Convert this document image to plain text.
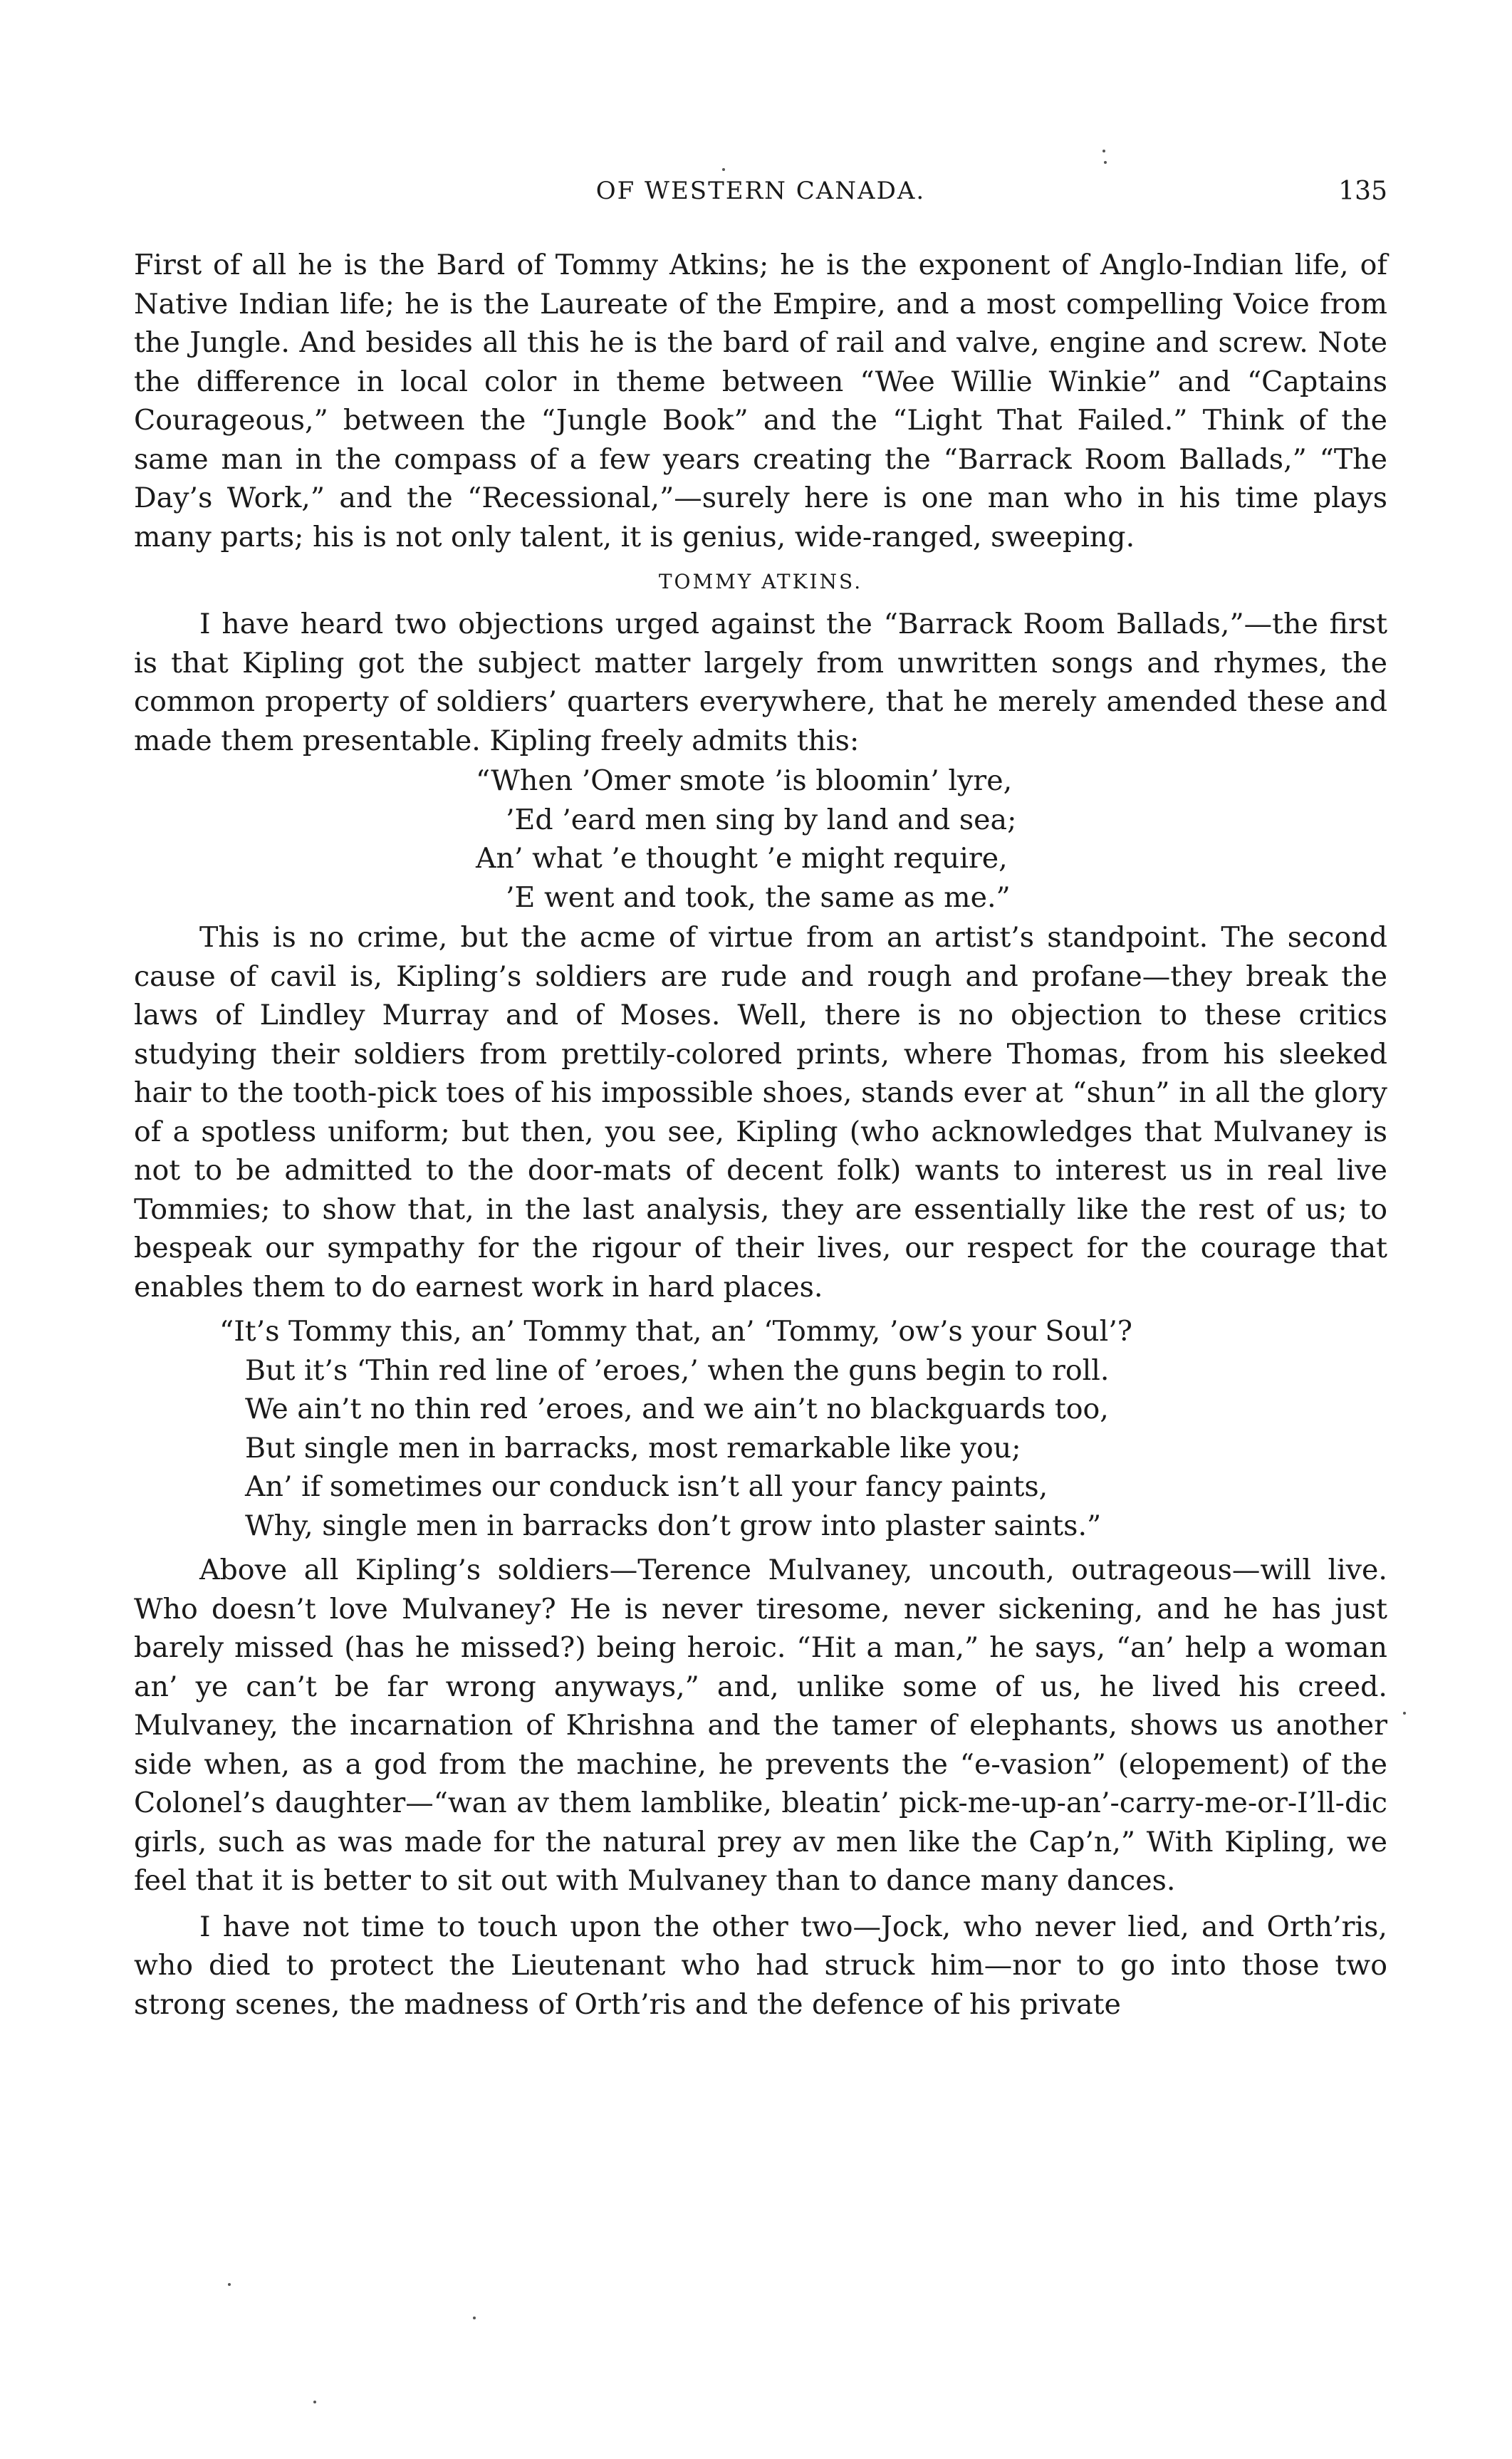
OF WESTERN CANADA.	135

First of all he is the Bard of Tommy Atkins; he is the exponent of Anglo-Indian life, of Native Indian life; he is the Laureate of the Empire, and a most compelling Voice from the Jungle. And besides all this he is the bard of rail and valve, engine and screw. Note the difference in local color in theme between “Wee Willie Winkie” and “Captains Courageous,” between the “Jungle Book” and the “Light That Failed.” Think of the same man in the compass of a few years creating the “Barrack Room Ballads,” “The Day’s Work,” and the “Recessional,”—surely here is one man who in his time plays many parts; his is not only talent, it is genius, wide-ranged, sweeping.

TOMMY ATKINS.

I have heard two objections urged against the “Barrack Room Ballads,”—the first is that Kipling got the subject matter largely from unwritten songs and rhymes, the common property of soldiers’ quarters everywhere, that he merely amended these and made them presentable. Kipling freely admits this:

“When ’Omer smote ’is bloomin’ lyre,
’Ed ’eard men sing by land and sea;
An’ what ’e thought ’e might require,
’E went and took, the same as me.”

This is no crime, but the acme of virtue from an artist’s standpoint. The second cause of cavil is, Kipling’s soldiers are rude and rough and profane—they break the laws of Lindley Murray and of Moses. Well, there is no objection to these critics studying their soldiers from prettily-colored prints, where Thomas, from his sleeked hair to the tooth-pick toes of his impossible shoes, stands ever at “shun” in all the glory of a spotless uniform; but then, you see, Kipling (who acknowledges that Mulvaney is not to be admitted to the door-mats of decent folk) wants to interest us in real live Tommies; to show that, in the last analysis, they are essentially like the rest of us; to bespeak our sympathy for the rigour of their lives, our respect for the courage that enables them to do earnest work in hard places.

“It’s Tommy this, an’ Tommy that, an’ ‘Tommy, ’ow’s your Soul’?
But it’s ‘Thin red line of ’eroes,’ when the guns begin to roll.
We ain’t no thin red ’eroes, and we ain’t no blackguards too,
But single men in barracks, most remarkable like you;
An’ if sometimes our conduck isn’t all your fancy paints,
Why, single men in barracks don’t grow into plaster saints.”

Above all Kipling’s soldiers—Terence Mulvaney, uncouth, outrageous—will live. Who doesn’t love Mulvaney? He is never tiresome, never sickening, and he has just barely missed (has he missed?) being heroic. “Hit a man,” he says, “an’ help a woman an’ ye can’t be far wrong anyways,” and, unlike some of us, he lived his creed. Mulvaney, the incarnation of Khrishna and the tamer of elephants, shows us another side when, as a god from the machine, he prevents the “e-vasion” (elopement) of the Colonel’s daughter—“wan av them lamblike, bleatin’ pick-me-up-an’-carry-me-or-I’ll-dic girls, such as was made for the natural prey av men like the Cap’n,” With Kipling, we feel that it is better to sit out with Mulvaney than to dance many dances.

I have not time to touch upon the other two—Jock, who never lied, and Orth’ris, who died to protect the Lieutenant who had struck him—nor to go into those two strong scenes, the madness of Orth’ris and the defence of his private
